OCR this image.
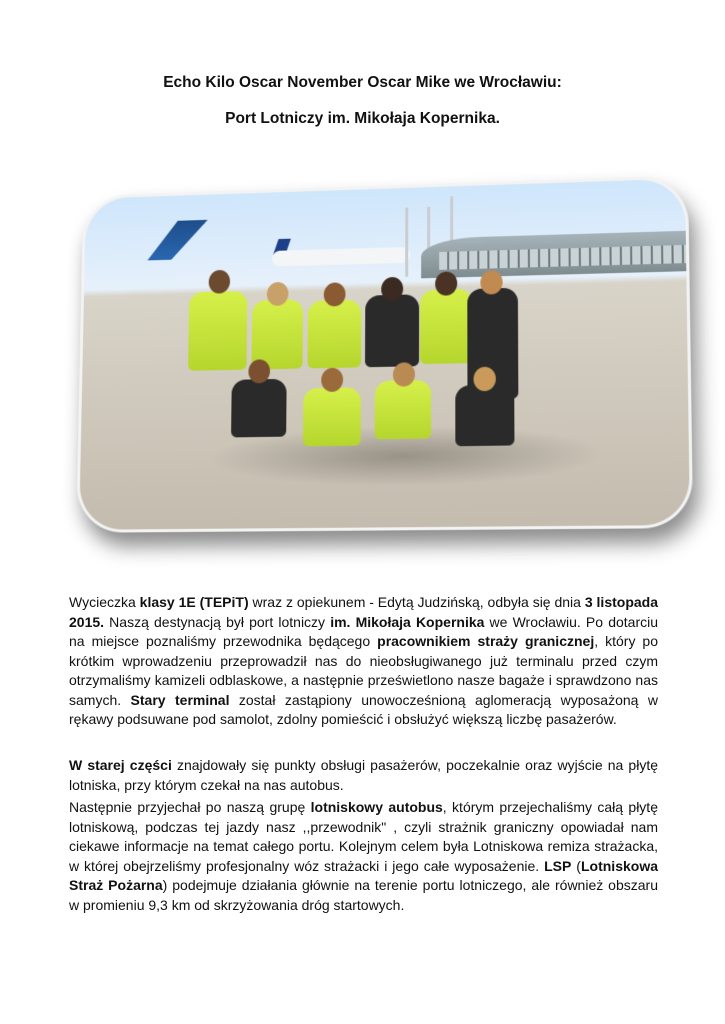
Echo Kilo Oscar November Oscar Mike we Wrocławiu:
Port Lotniczy im. Mikołaja Kopernika.

Wycieczka klasy 1E (TEPiT) wraz z opiekunem - Edytą Judzińską, odbyła się dnia 3 listopada 2015. Naszą destynacją był port lotniczy im. Mikołaja Kopernika we Wrocławiu. Po dotarciu na miejsce poznaliśmy przewodnika będącego pracownikiem straży granicznej, który po krótkim wprowadzeniu przeprowadził nas do nieobsługiwanego już terminalu przed czym otrzymaliśmy kamizeli odblaskowe, a następnie prześwietlono nasze bagaże i sprawdzono nas samych. Stary terminal został zastąpiony unowocześnioną aglomeracją wyposażoną w rękawy podsuwane pod samolot, zdolny pomieścić i obsłużyć większą liczbę pasażerów.

W starej części znajdowały się punkty obsługi pasażerów, poczekalnie oraz wyjście na płytę lotniska, przy którym czekał na nas autobus.

Następnie przyjechał po naszą grupę lotniskowy autobus, którym przejechaliśmy całą płytę lotniskową, podczas tej jazdy nasz ,,przewodnik" , czyli strażnik graniczny opowiadał nam ciekawe informacje na temat całego portu. Kolejnym celem była Lotniskowa remiza strażacka, w której obejrzeliśmy profesjonalny wóz strażacki i jego całe wyposażenie. LSP (Lotniskowa Straż Pożarna) podejmuje działania głównie na terenie portu lotniczego, ale również obszaru w promieniu 9,3 km od skrzyżowania dróg startowych.
